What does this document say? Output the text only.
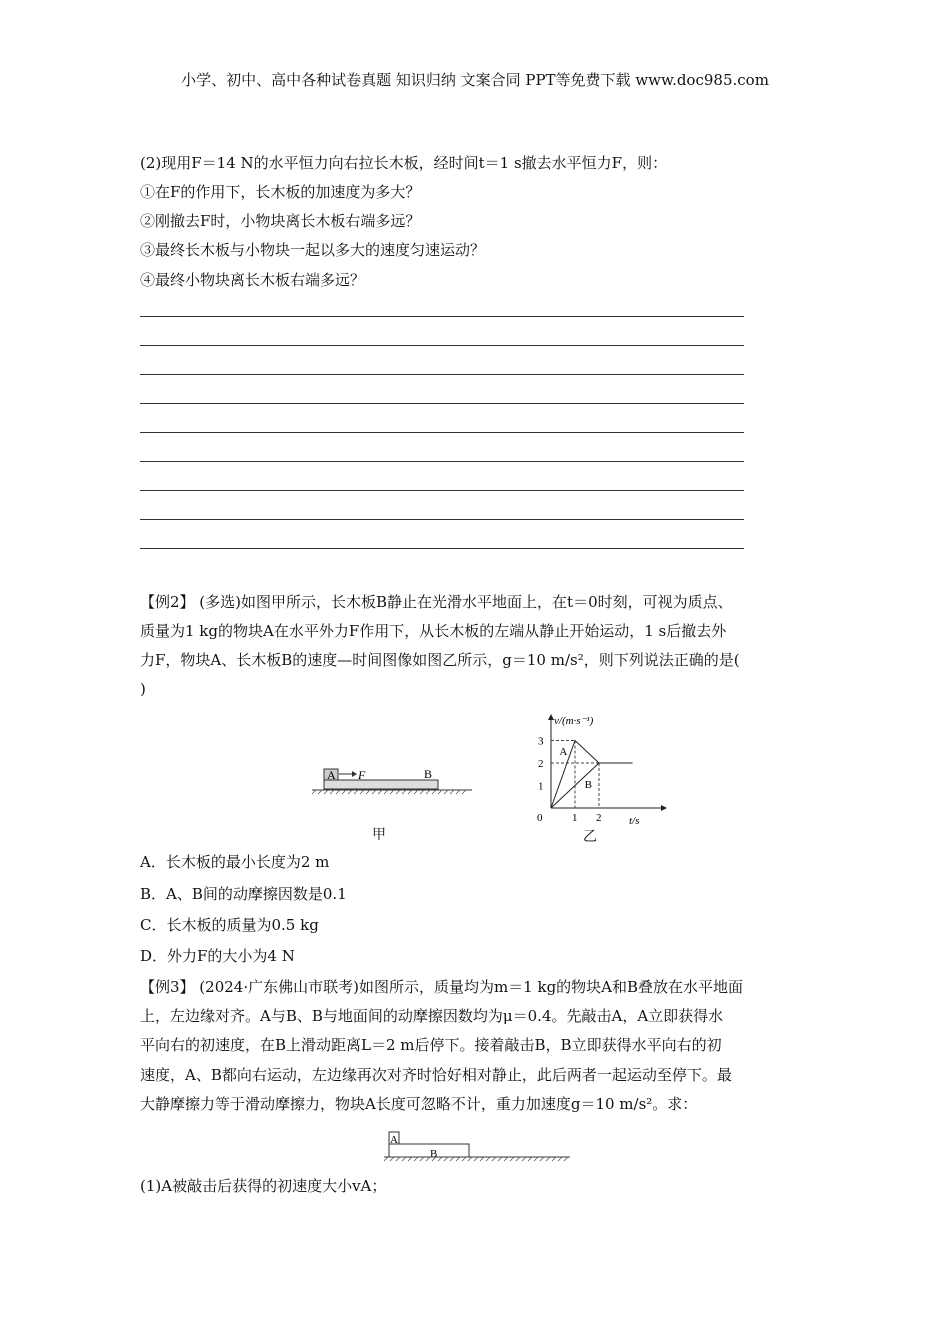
小学、初中、高中各种试卷真题 知识归纳 文案合同 PPT等免费下载 www.doc985.com
(2)现用F＝14 N的水平恒力向右拉长木板，经时间t＝1 s撤去水平恒力F，则：
①在F的作用下，长木板的加速度为多大？
②刚撤去F时，小物块离长木板右端多远？
③最终长木板与小物块一起以多大的速度匀速运动？
④最终小物块离长木板右端多远？
【例2】 (多选)如图甲所示，长木板B静止在光滑水平地面上，在t＝0时刻，可视为质点、
质量为1 kg的物块A在水平外力F作用下，从长木板的左端从静止开始运动，1 s后撤去外
力F，物块A、长木板B的速度—时间图像如图乙所示，g＝10 m/s²，则下列说法正确的是(
)
A F	B
甲
v/(m·s⁻¹)
t/s
0	1 2
1
2
3
A
B
乙
A．长木板的最小长度为2 m
B．A、B间的动摩擦因数是0.1
C．长木板的质量为0.5 kg
D．外力F的大小为4 N
【例3】 (2024·广东佛山市联考)如图所示，质量均为m＝1 kg的物块A和B叠放在水平地面
上，左边缘对齐。A与B、B与地面间的动摩擦因数均为μ＝0.4。先敲击A，A立即获得水
平向右的初速度，在B上滑动距离L＝2 m后停下。接着敲击B，B立即获得水平向右的初
速度，A、B都向右运动，左边缘再次对齐时恰好相对静止，此后两者一起运动至停下。最
大静摩擦力等于滑动摩擦力，物块A长度可忽略不计，重力加速度g＝10 m/s²。求：
A
B
(1)A被敲击后获得的初速度大小vA；
